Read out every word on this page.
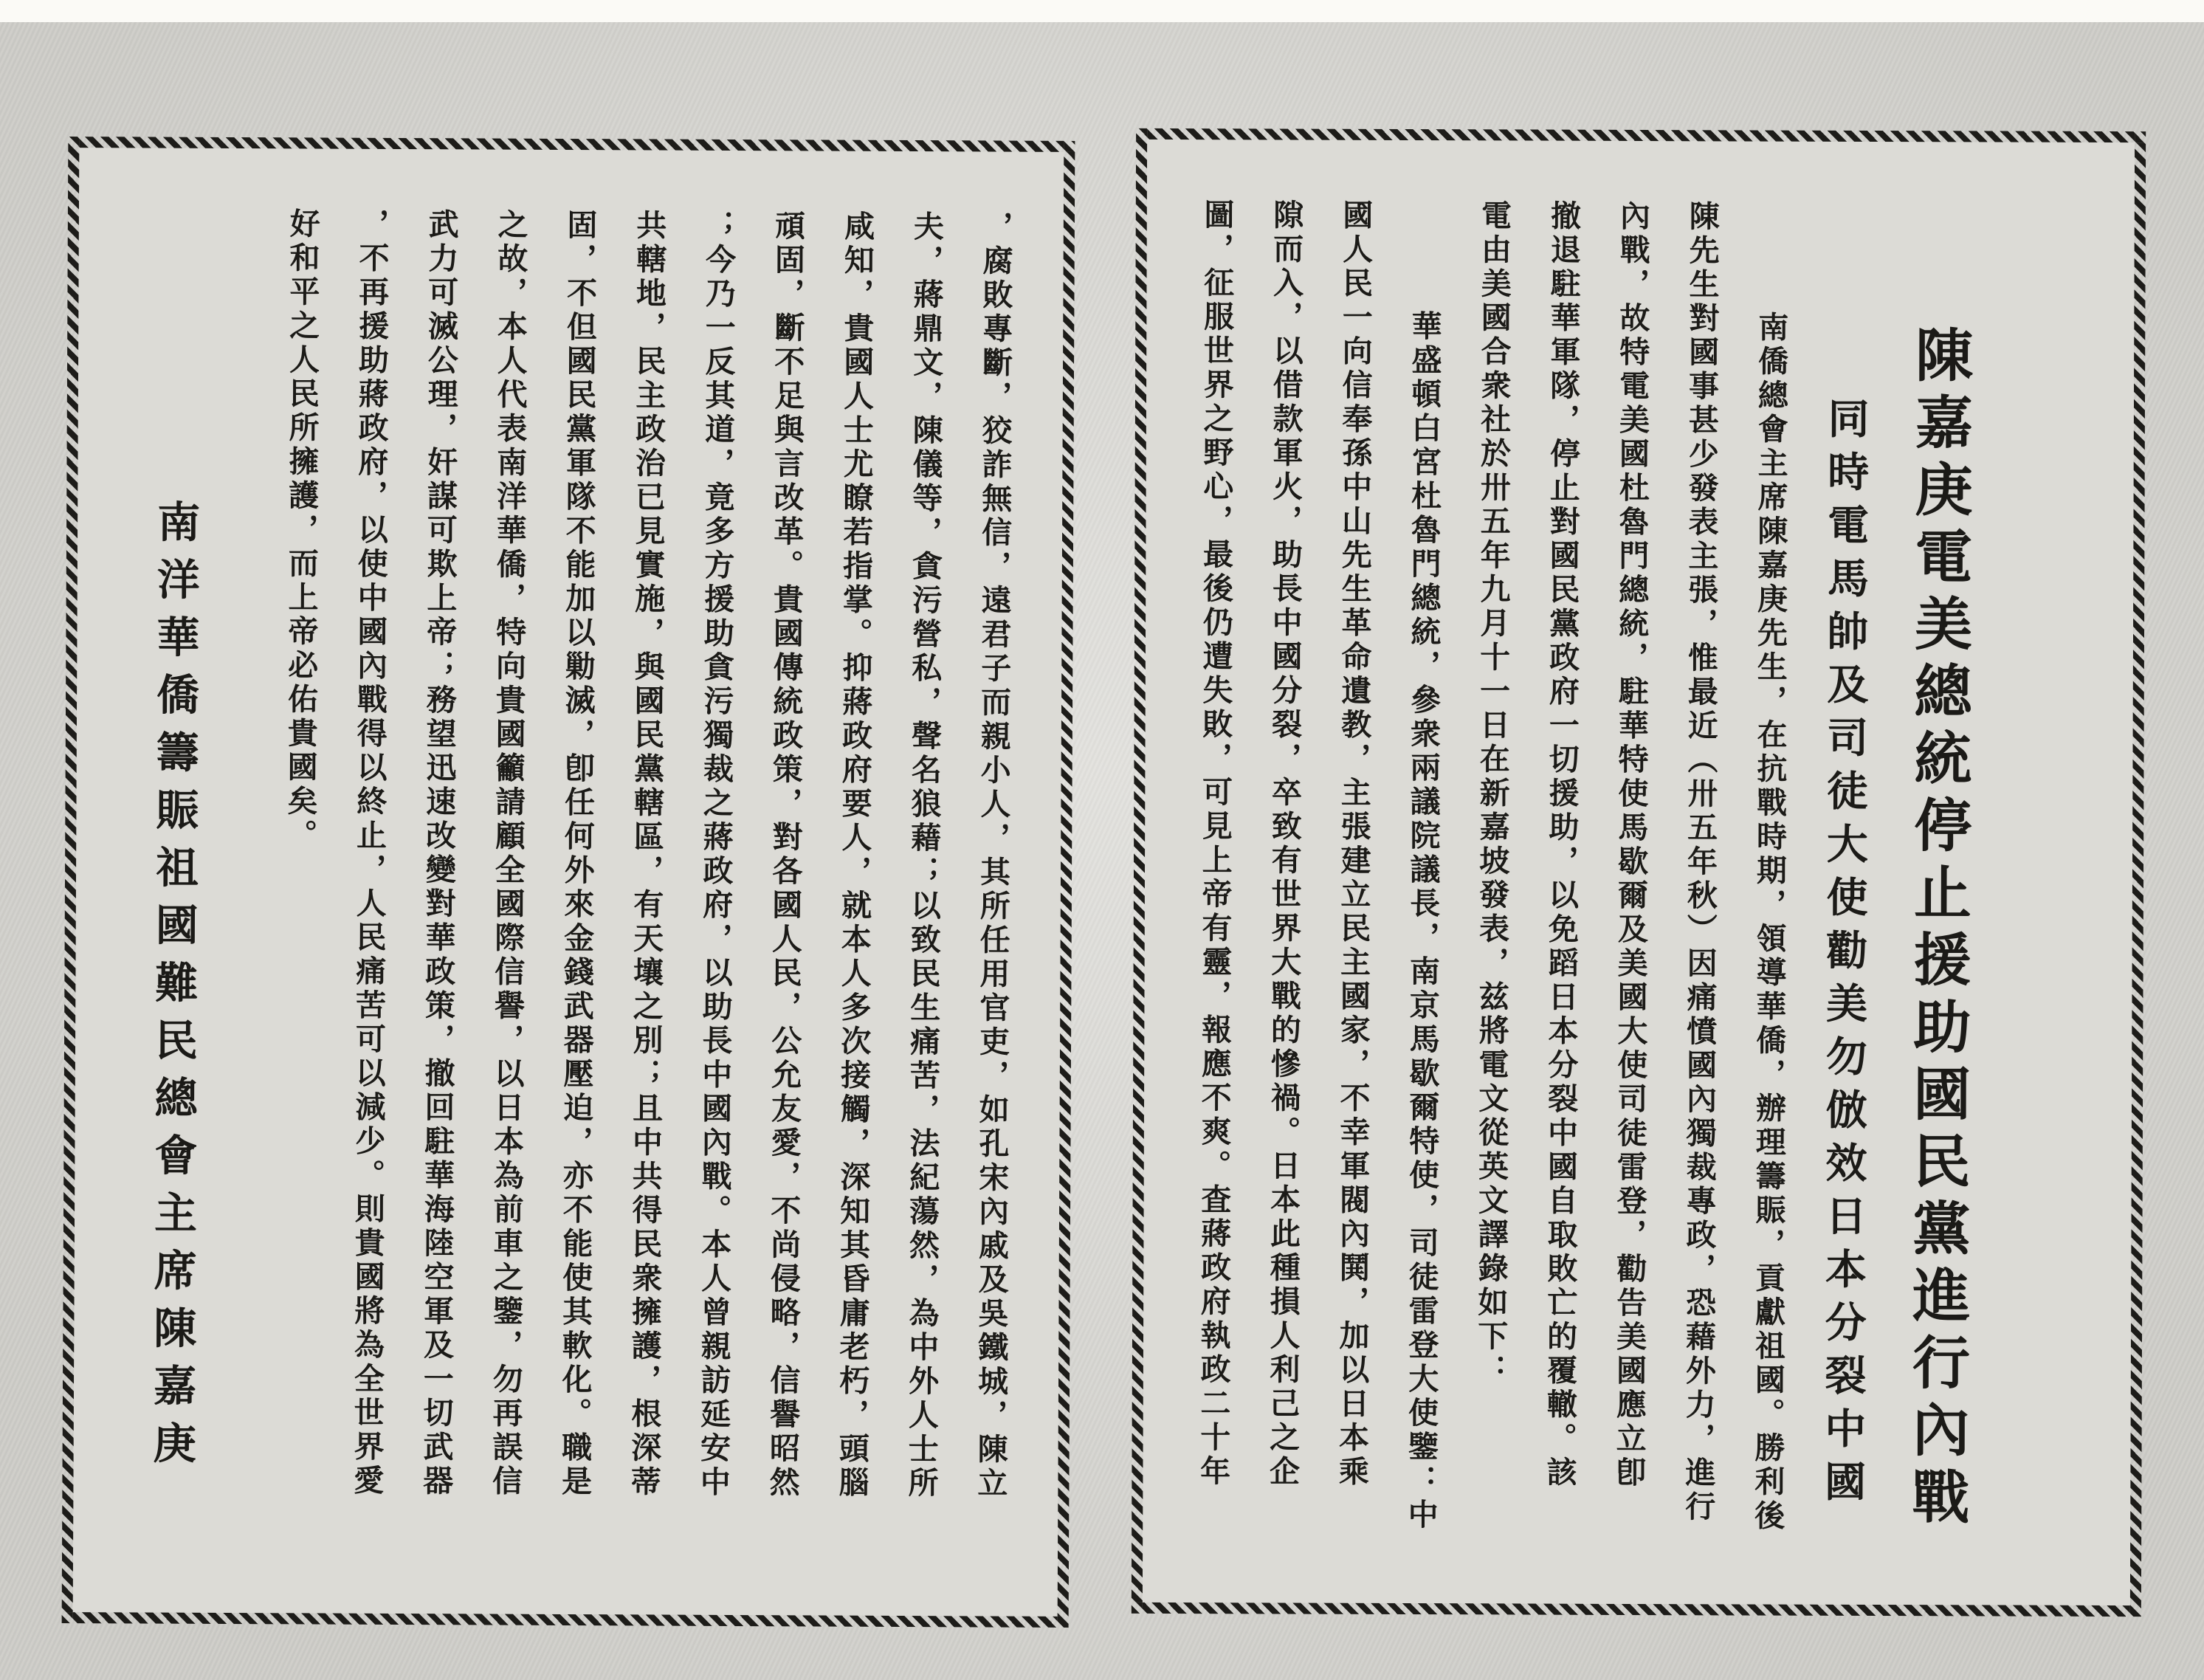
，腐敗專斷，狡詐無信，遠君子而親小人，其所任用官吏，如孔宋內戚及吳鐵城，陳立
夫，蔣鼎文，陳儀等，貪污營私，聲名狼藉；以致民生痛苦，法紀蕩然，為中外人士所
咸知，貴國人士尤瞭若指掌。抑蔣政府要人，就本人多次接觸，深知其昏庸老朽，頭腦
頑固，斷不足與言改革。貴國傳統政策，對各國人民，公允友愛，不尚侵略，信譽昭然
；今乃一反其道，竟多方援助貪污獨裁之蔣政府，以助長中國內戰。本人曾親訪延安中
共轄地，民主政治已見實施，與國民黨轄區，有天壤之別；且中共得民衆擁護，根深蒂
固，不但國民黨軍隊不能加以勦滅，卽任何外來金錢武器壓迫，亦不能使其軟化。職是
之故，本人代表南洋華僑，特向貴國籲請顧全國際信譽，以日本為前車之鑒，勿再誤信
武力可滅公理，奸謀可欺上帝；務望迅速改變對華政策，撤回駐華海陸空軍及一切武器
，不再援助蔣政府，以使中國內戰得以終止，人民痛苦可以減少。則貴國將為全世界愛
好和平之人民所擁護，而上帝必佑貴國矣。
南洋華僑籌賑祖國難民總會主席陳嘉庚	陳嘉庚電美總統停止援助國民黨進行內戰
同時電馬帥及司徒大使勸美勿倣效日本分裂中國
南僑總會主席陳嘉庚先生，在抗戰時期，領導華僑，辦理籌賑，貢獻祖國。勝利後
陳先生對國事甚少發表主張，惟最近（卅五年秋）因痛憤國內獨裁專政，恐藉外力，進行
內戰，故特電美國杜魯門總統，駐華特使馬歇爾及美國大使司徒雷登，勸告美國應立卽
撤退駐華軍隊，停止對國民黨政府一切援助，以免蹈日本分裂中國自取敗亡的覆轍。該
電由美國合衆社於卅五年九月十一日在新嘉坡發表，兹將電文從英文譯錄如下：
華盛頓白宮杜魯門總統，參衆兩議院議長，南京馬歇爾特使，司徒雷登大使鑒：中
國人民一向信奉孫中山先生革命遺教，主張建立民主國家，不幸軍閥內鬨，加以日本乘
隙而入，以借款軍火，助長中國分裂，卒致有世界大戰的慘禍。日本此種損人利己之企
圖，征服世界之野心，最後仍遭失敗，可見上帝有靈，報應不爽。査蔣政府執政二十年
